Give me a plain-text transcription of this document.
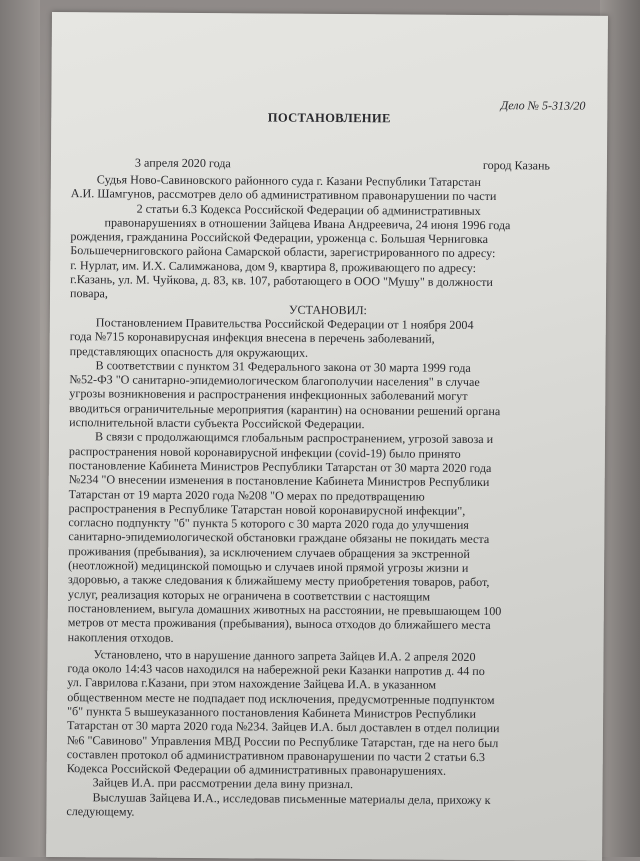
Дело № 5-313/20
ПОСТАНОВЛЕНИЕ
3 апреля 2020 года	город Казань
Судья Ново-Савиновского районного суда г. Казани Республики Татарстан
А.И. Шамгунов, рассмотрев дело об административном правонарушении по части
2 статьи 6.3 Кодекса Российской Федерации об административных
правонарушениях в отношении Зайцева Ивана Андреевича, 24 июня 1996 года
рождения, гражданина Российской Федерации, уроженца с. Большая Черниговка
Большечерниговского района Самарской области, зарегистрированного по адресу:
г. Нурлат, им. И.Х. Салимжанова, дом 9, квартира 8, проживающего по адресу:
г.Казань, ул. М. Чуйкова, д. 83, кв. 107, работающего в ООО "Мушу" в должности
повара,
УСТАНОВИЛ:
Постановлением Правительства Российской Федерации от 1 ноября 2004
года №715 коронавирусная инфекция внесена в перечень заболеваний,
представляющих опасность для окружающих.
В соответствии с пунктом 31 Федерального закона от 30 марта 1999 года
№52-ФЗ "О санитарно-эпидемиологическом благополучии населения" в случае
угрозы возникновения и распространения инфекционных заболеваний могут
вводиться ограничительные мероприятия (карантин) на основании решений органа
исполнительной власти субъекта Российской Федерации.
В связи с продолжающимся глобальным распространением, угрозой завоза и
распространения новой коронавирусной инфекции (covid-19) было принято
постановление Кабинета Министров Республики Татарстан от 30 марта 2020 года
№234 "О внесении изменения в постановление Кабинета Министров Республики
Татарстан от 19 марта 2020 года №208 "О мерах по предотвращению
распространения в Республике Татарстан новой коронавирусной инфекции",
согласно подпункту "б" пункта 5 которого с 30 марта 2020 года до улучшения
санитарно-эпидемиологической обстановки граждане обязаны не покидать места
проживания (пребывания), за исключением случаев обращения за экстренной
(неотложной) медицинской помощью и случаев иной прямой угрозы жизни и
здоровью, а также следования к ближайшему месту приобретения товаров, работ,
услуг, реализация которых не ограничена в соответствии с настоящим
постановлением, выгула домашних животных на расстоянии, не превышающем 100
метров от места проживания (пребывания), выноса отходов до ближайшего места
накопления отходов.
Установлено, что в нарушение данного запрета Зайцев И.А. 2 апреля 2020
года около 14:43 часов находился на набережной реки Казанки напротив д. 44 по
ул. Гаврилова г.Казани, при этом нахождение Зайцева И.А. в указанном
общественном месте не подпадает под исключения, предусмотренные подпунктом
"б" пункта 5 вышеуказанного постановления Кабинета Министров Республики
Татарстан от 30 марта 2020 года №234. Зайцев И.А. был доставлен в отдел полиции
№6 "Савиново" Управления МВД России по Республике Татарстан, где на него был
составлен протокол об административном правонарушении по части 2 статьи 6.3
Кодекса Российской Федерации об административных правонарушениях.
Зайцев И.А. при рассмотрении дела вину признал.
Выслушав Зайцева И.А., исследовав письменные материалы дела, прихожу к
следующему.
